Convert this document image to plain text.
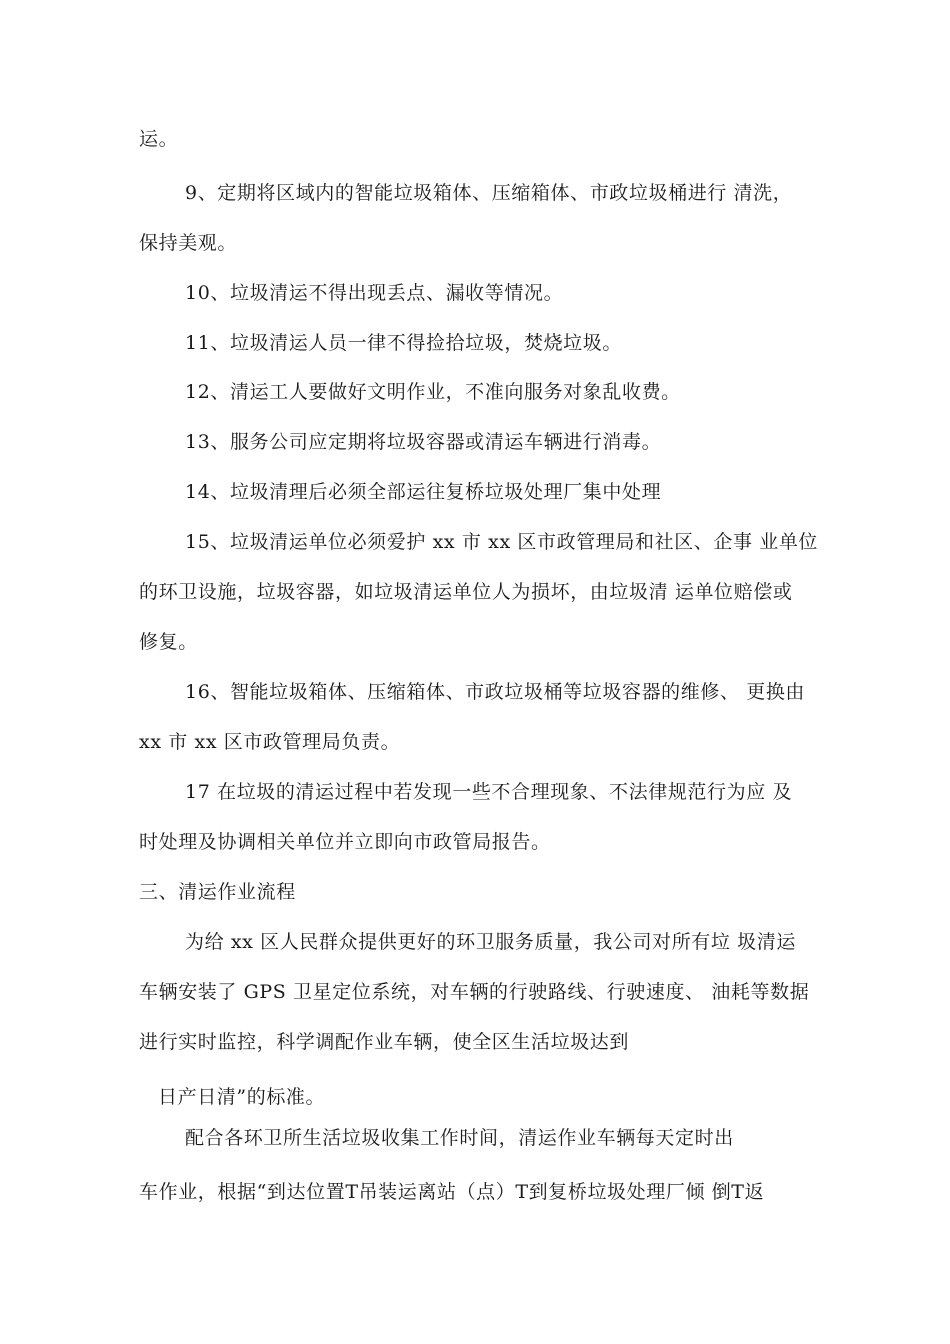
运。
9、定期将区域内的智能垃圾箱体、压缩箱体、市政垃圾桶进行 清洗，
保持美观。
10、垃圾清运不得出现丢点、漏收等情况。
11、垃圾清运人员一律不得捡拾垃圾，焚烧垃圾。
12、清运工人要做好文明作业，不准向服务对象乱收费。
13、服务公司应定期将垃圾容器或清运车辆进行消毒。
14、垃圾清理后必须全部运往复桥垃圾处理厂集中处理
15、垃圾清运单位必须爱护 xx 市 xx 区市政管理局和社区、企事 业单位
的环卫设施，垃圾容器，如垃圾清运单位人为损坏，由垃圾清 运单位赔偿或
修复。
16、智能垃圾箱体、压缩箱体、市政垃圾桶等垃圾容器的维修、 更换由
xx 市 xx 区市政管理局负责。
17 在垃圾的清运过程中若发现一些不合理现象、不法律规范行为应 及
时处理及协调相关单位并立即向市政管局报告。
三、清运作业流程
为给 xx 区人民群众提供更好的环卫服务质量，我公司对所有垃 圾清运
车辆安装了 GPS 卫星定位系统，对车辆的行驶路线、行驶速度、 油耗等数据
进行实时监控，科学调配作业车辆，使全区生活垃圾达到
日产日清”的标准。
配合各环卫所生活垃圾收集工作时间，清运作业车辆每天定时出
车作业，根据“到达位置T吊装运离站（点）T到复桥垃圾处理厂倾 倒T返
